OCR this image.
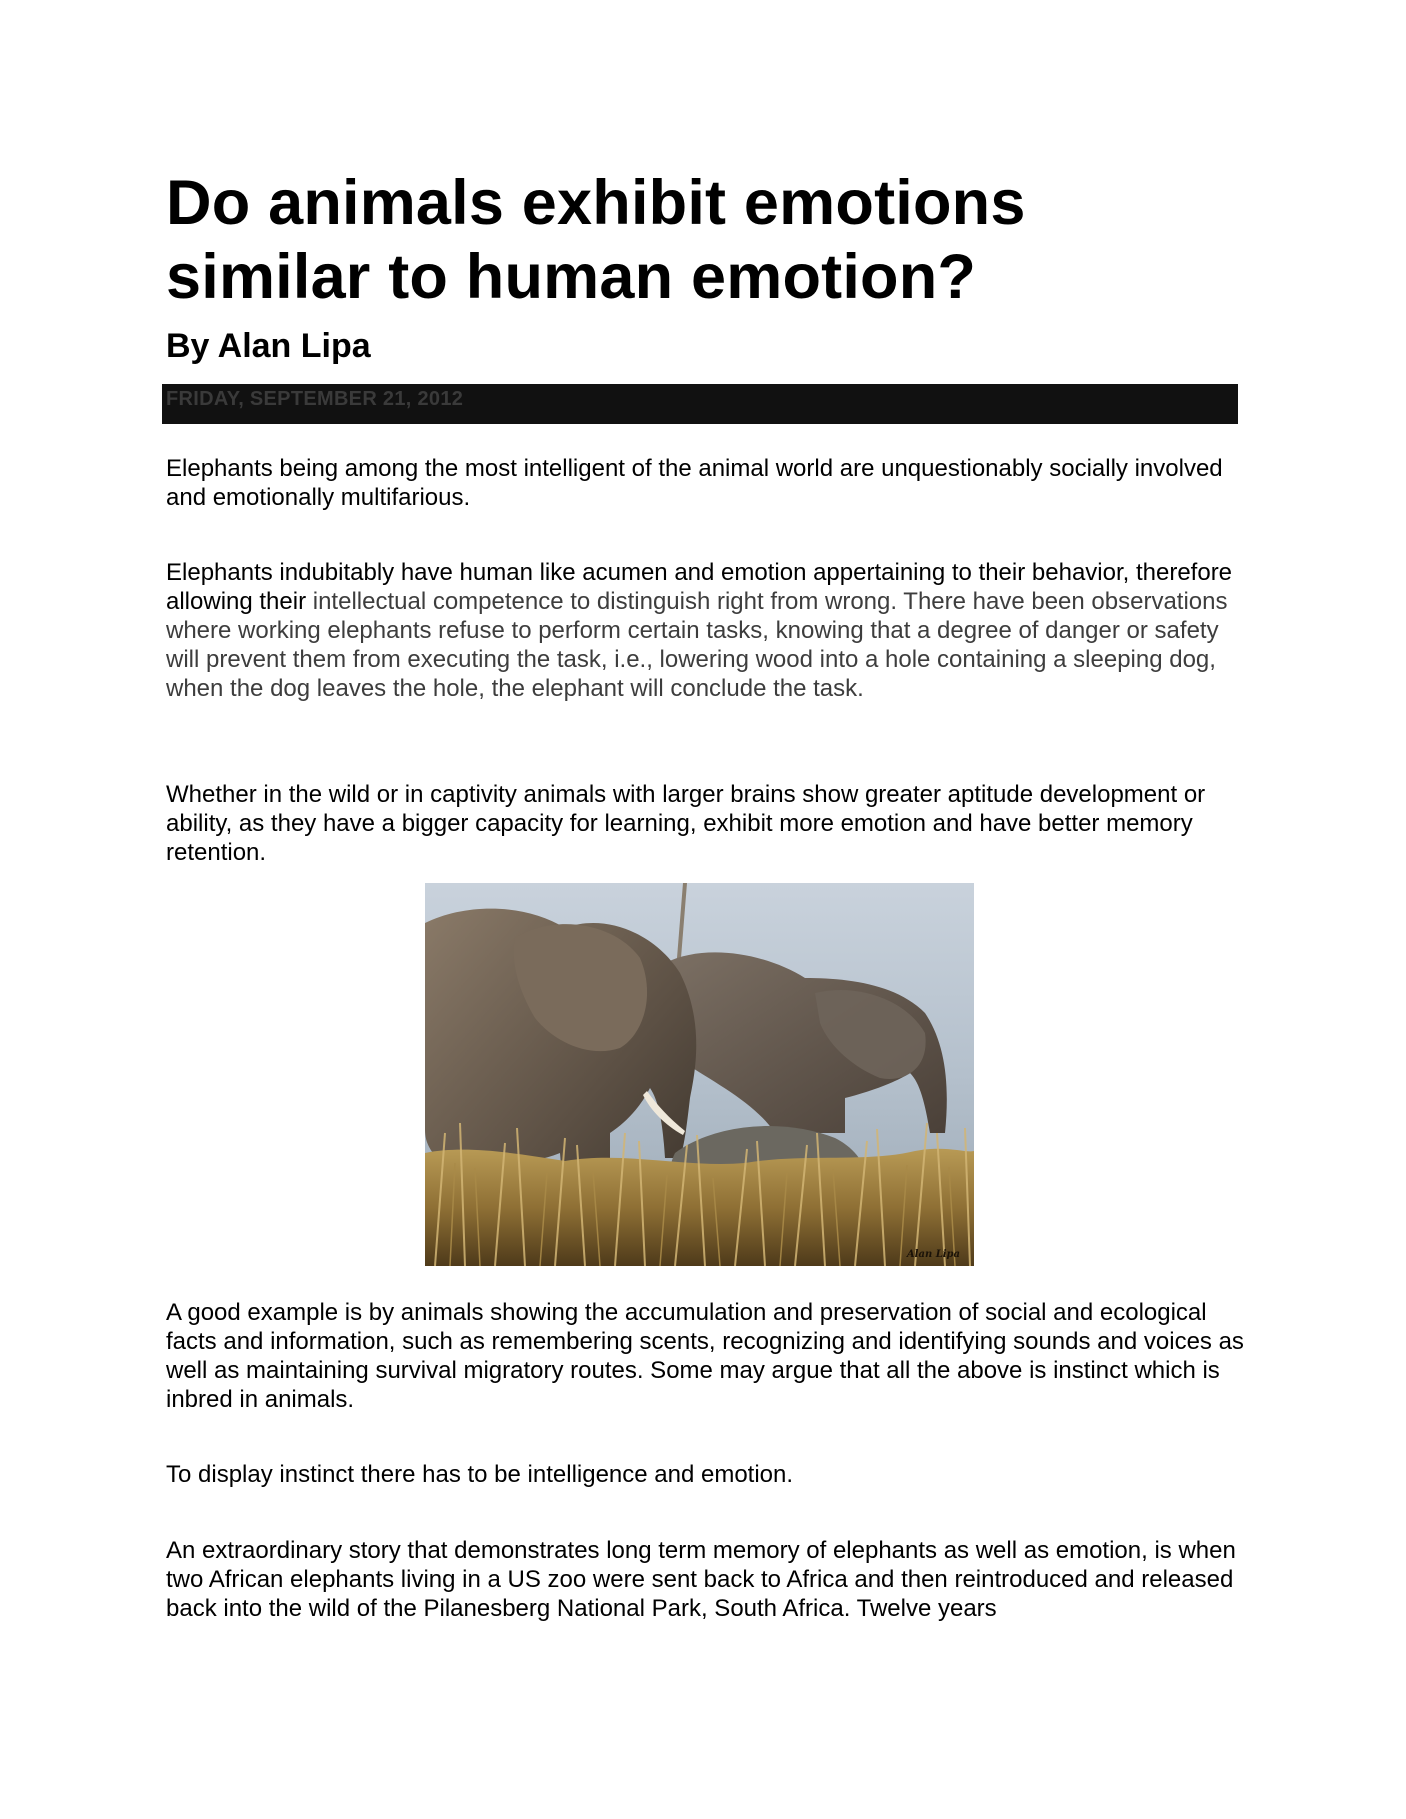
Do animals exhibit emotions similar to human emotion?
By Alan Lipa
FRIDAY, SEPTEMBER 21, 2012

Elephants being among the most intelligent of the animal world are unquestionably socially involved and emotionally multifarious.

Elephants indubitably have human like acumen and emotion appertaining to their behavior, therefore allowing their intellectual competence to distinguish right from wrong. There have been observations where working elephants refuse to perform certain tasks, knowing that a degree of danger or safety will prevent them from executing the task, i.e., lowering wood into a hole containing a sleeping dog, when the dog leaves the hole, the elephant will conclude the task.

Whether in the wild or in captivity animals with larger brains show greater aptitude development or ability, as they have a bigger capacity for learning, exhibit more emotion and have better memory retention.

Alan Lipa

A good example is by animals showing the accumulation and preservation of social and ecological facts and information, such as remembering scents, recognizing and identifying sounds and voices as well as maintaining survival migratory routes. Some may argue that all the above is instinct which is inbred in animals.

To display instinct there has to be intelligence and emotion.

An extraordinary story that demonstrates long term memory of elephants as well as emotion, is when two African elephants living in a US zoo were sent back to Africa and then reintroduced and released back into the wild of the Pilanesberg National Park, South Africa. Twelve years
